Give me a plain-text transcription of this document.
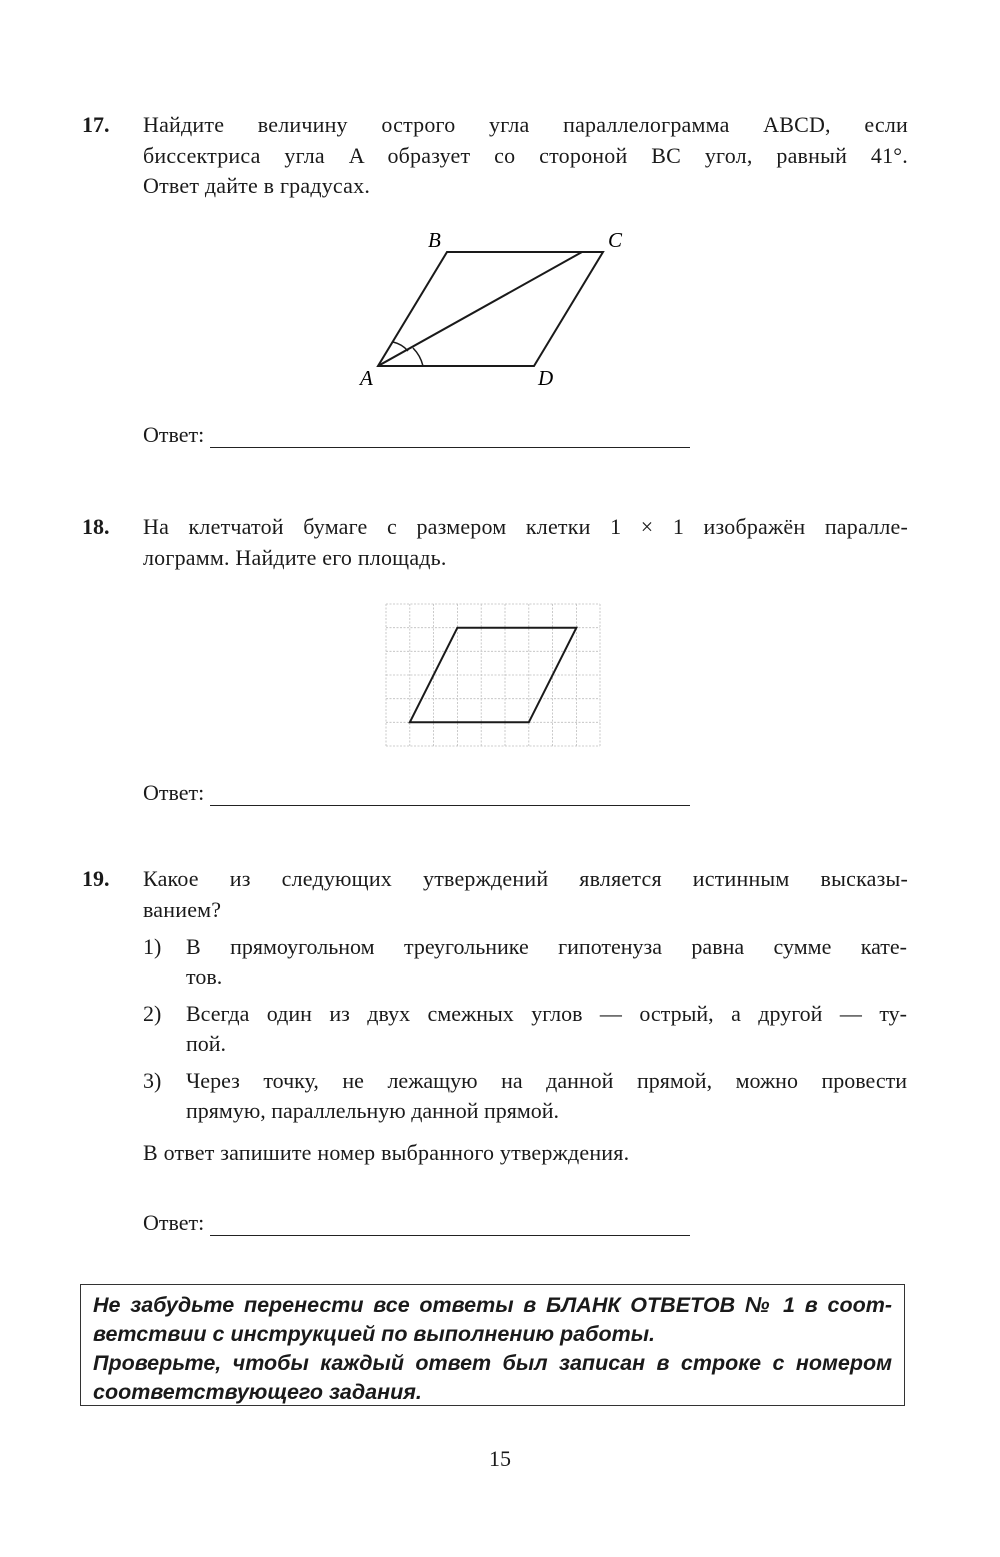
17. Найдите величину острого угла параллелограмма ABCD, если
биссектриса угла A образует со стороной BC угол, равный 41°.
Ответ дайте в градусах.
B	C
A	D
Ответ:
18. На клетчатой бумаге с размером клетки 1 × 1 изображён паралле-
лограмм. Найдите его площадь.
Ответ:
19. Какое из следующих утверждений является истинным высказы-
ванием?
1) В прямоугольном треугольнике гипотенуза равна сумме кате-
тов.
2) Всегда один из двух смежных углов — острый, а другой — ту-
пой.
3) Через точку, не лежащую на данной прямой, можно провести
прямую, параллельную данной прямой.
В ответ запишите номер выбранного утверждения.
Ответ:
Не забудьте перенести все ответы в БЛАНК ОТВЕТОВ № 1 в соот-
ветствии с инструкцией по выполнению работы.
Проверьте, чтобы каждый ответ был записан в строке с номером
соответствующего задания.
15
